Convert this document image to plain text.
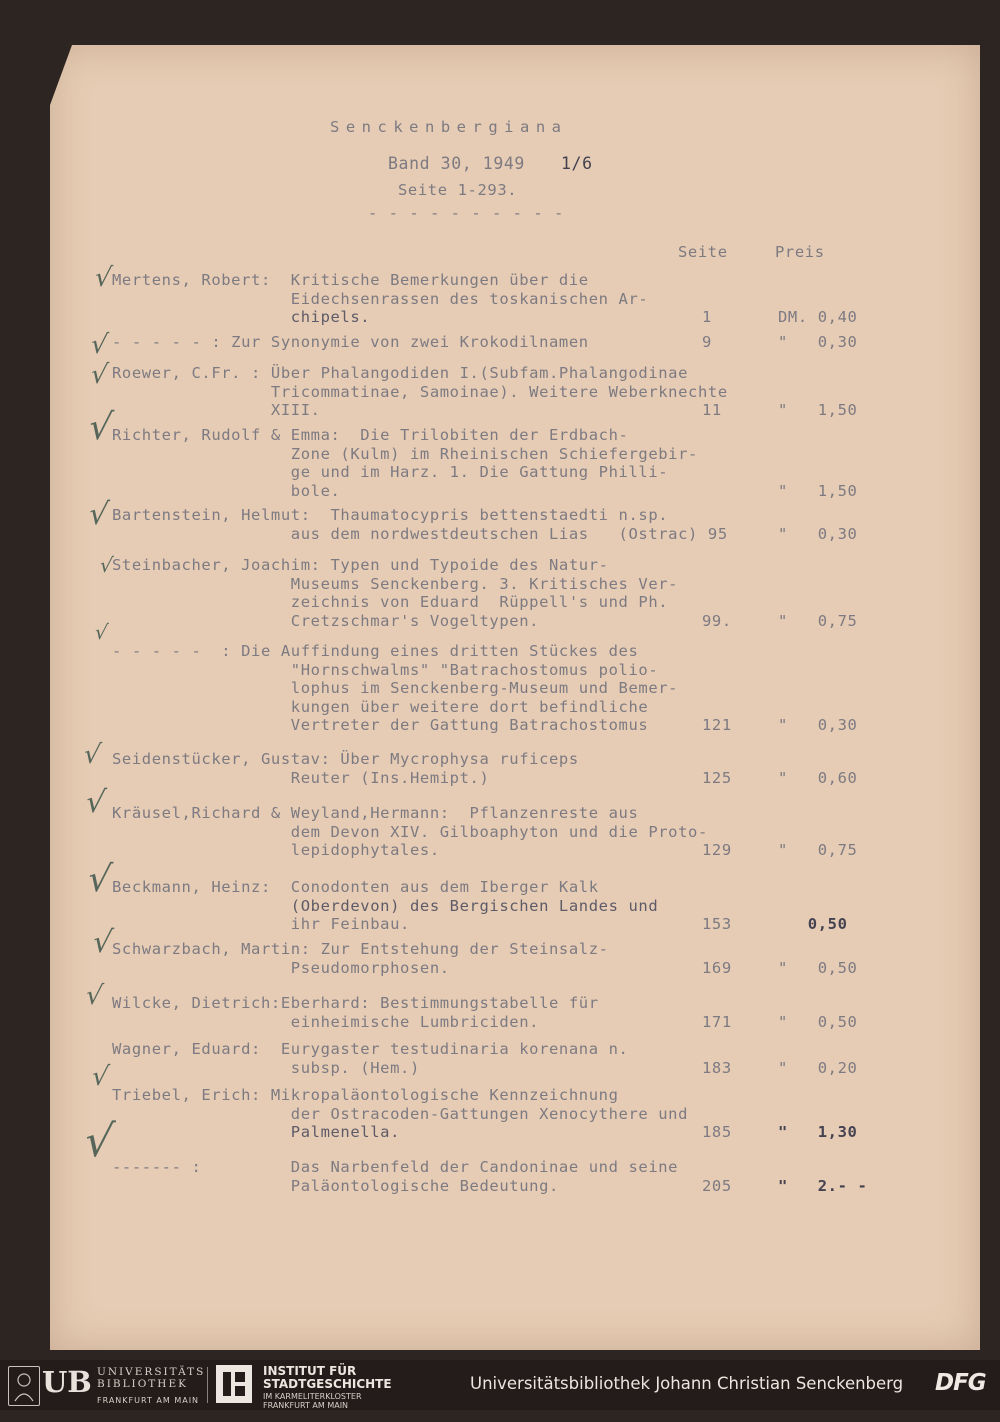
Senckenbergiana
Band 30, 1949 1/6
Seite 1-293.
- - - - - - - - - -
Seite	Preis
Mertens, Robert:  Kritische Bemerkungen über die
Eidechsenrassen des toskanischen Ar-
chipels.	1	DM. 0,40
- - - - - : Zur Synonymie von zwei Krokodilnamen	9	"   0,30
Roewer, C.Fr. : Über Phalangodiden I.(Subfam.Phalangodinae
Tricommatinae, Samoinae). Weitere Weberknechte
XIII.	11	"   1,50
Richter, Rudolf & Emma:  Die Trilobiten der Erdbach-
Zone (Kulm) im Rheinischen Schiefergebir-
ge und im Harz. 1. Die Gattung Philli-
bole.	"   1,50
Bartenstein, Helmut:  Thaumatocypris bettenstaedti n.sp.
aus dem nordwestdeutschen Lias   (Ostrac) 95	"   0,30
Steinbacher, Joachim: Typen und Typoide des Natur-
Museums Senckenberg. 3. Kritisches Ver-
zeichnis von Eduard  Rüppell's und Ph.
Cretzschmar's Vogeltypen.	99.	"   0,75
- - - - -  : Die Auffindung eines dritten Stückes des
"Hornschwalms" "Batrachostomus polio-
lophus im Senckenberg-Museum und Bemer-
kungen über weitere dort befindliche
Vertreter der Gattung Batrachostomus	121	"   0,30
Seidenstücker, Gustav: Über Mycrophysa ruficeps
Reuter (Ins.Hemipt.)	125	"   0,60
Kräusel,Richard & Weyland,Hermann:  Pflanzenreste aus
dem Devon XIV. Gilboaphyton und die Proto-
lepidophytales.	129	"   0,75
Beckmann, Heinz:  Conodonten aus dem Iberger Kalk
(Oberdevon) des Bergischen Landes und
ihr Feinbau.	153	0,50
Schwarzbach, Martin: Zur Entstehung der Steinsalz-
Pseudomorphosen.	169	"   0,50
Wilcke, Dietrich:Eberhard: Bestimmungstabelle für
einheimische Lumbriciden.	171	"   0,50
Wagner, Eduard:  Eurygaster testudinaria korenana n.
subsp. (Hem.)	183	"   0,20
Triebel, Erich: Mikropaläontologische Kennzeichnung
der Ostracoden-Gattungen Xenocythere und
Palmenella.	185	"   1,30
------- :         Das Narbenfeld der Candoninae und seine
Paläontologische Bedeutung.	205	"   2.- -
√
√
√
√
√
√
√
√
√
√
√
√
√
√
UB UNIVERSITÄTS
BIBLIOTHEK
FRANKFURT AM MAIN
INSTITUT FÜR
STADTGESCHICHTE
IM KARMELITERKLOSTER
FRANKFURT AM MAIN
Universitätsbibliothek Johann Christian Senckenberg DFG
